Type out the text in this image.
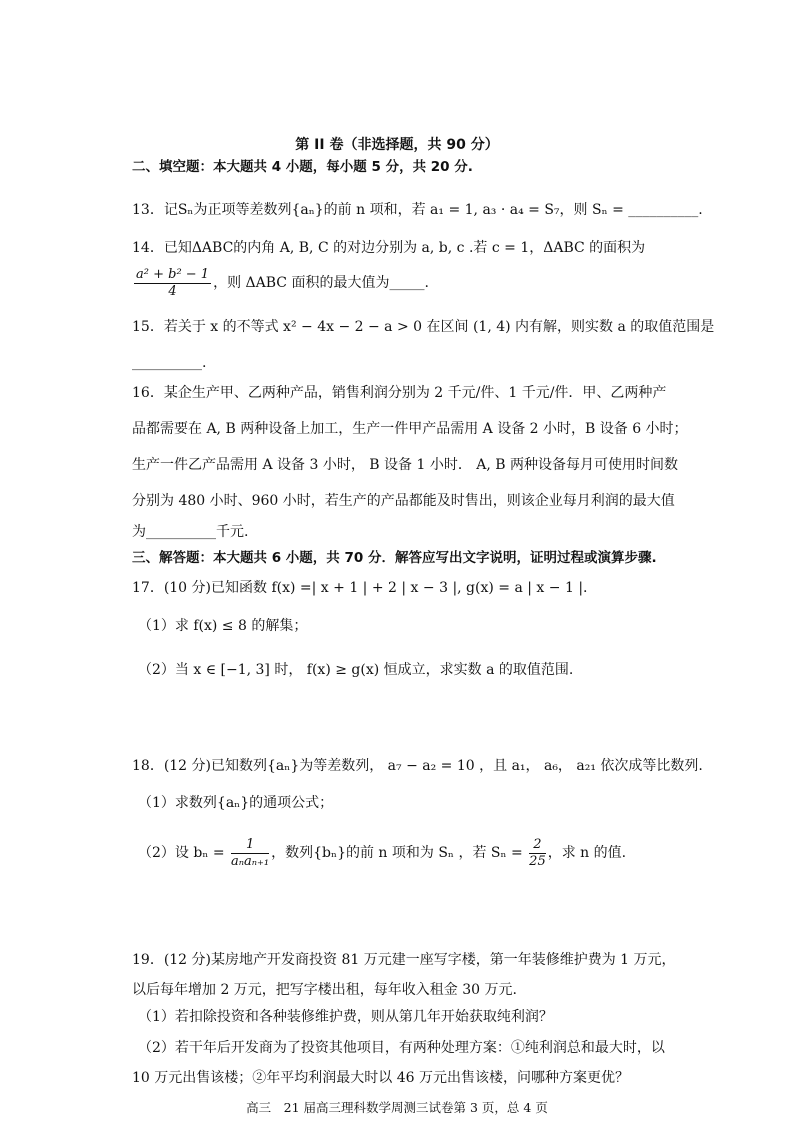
第 II 卷（非选择题，共 90 分）
二、填空题：本大题共 4 小题，每小题 5 分，共 20 分.
13．记Sₙ为正项等差数列{aₙ}的前 n 项和，若 a₁ = 1, a₃ · a₄ = S₇，则 Sₙ = __________.
14．已知ΔABC的内角 A, B, C 的对边分别为 a, b, c .若 c = 1，ΔABC 的面积为
$\frac{\text{a² + b² − 1}}{4}$ ，则 ΔABC 面积的最大值为_____.
15．若关于 x 的不等式 x² − 4x − 2 − a > 0 在区间 (1, 4) 内有解，则实数 a 的取值范围是
__________.
16．某企生产甲、乙两种产品，销售利润分别为 2 千元/件、1 千元/件．甲、乙两种产
品都需要在 A, B 两种设备上加工，生产一件甲产品需用 A 设备 2 小时，B 设备 6 小时；
生产一件乙产品需用 A 设备 3 小时， B 设备 1 小时． A, B 两种设备每月可使用时间数
分别为 480 小时、960 小时，若生产的产品都能及时售出，则该企业每月利润的最大值
为__________千元.
三、解答题：本大题共 6 小题，共 70 分．解答应写出文字说明，证明过程或演算步骤.
17．(10 分)已知函数 f(x) =| x + 1 | + 2 | x − 3 |, g(x) = a | x − 1 |.
（1）求 f(x) ≤ 8 的解集；
（2）当 x ∈ [−1, 3] 时， f(x) ≥ g(x) 恒成立，求实数 a 的取值范围.
18．(12 分)已知数列{aₙ}为等差数列， a₇ − a₂ = 10 ，且 a₁， a₆， a₂₁ 依次成等比数列.
（1）求数列{aₙ}的通项公式；
（2）设 $b_n = \frac{1}{\text{aₙaₙ₊₁}}$ ，数列{bₙ}的前 n 项和为 Sₙ ，若 $S_n = \frac{2}{25}$ ，求 n 的值.
19．(12 分)某房地产开发商投资 81 万元建一座写字楼，第一年装修维护费为 1 万元，
以后每年增加 2 万元，把写字楼出租，每年收入租金 30 万元.
（1）若扣除投资和各种装修维护费，则从第几年开始获取纯利润？
（2）若干年后开发商为了投资其他项目，有两种处理方案：①纯利润总和最大时，以
10 万元出售该楼；②年平均利润最大时以 46 万元出售该楼，问哪种方案更优？
高三　21 届高三理科数学周测三试卷第 3 页，总 4 页
